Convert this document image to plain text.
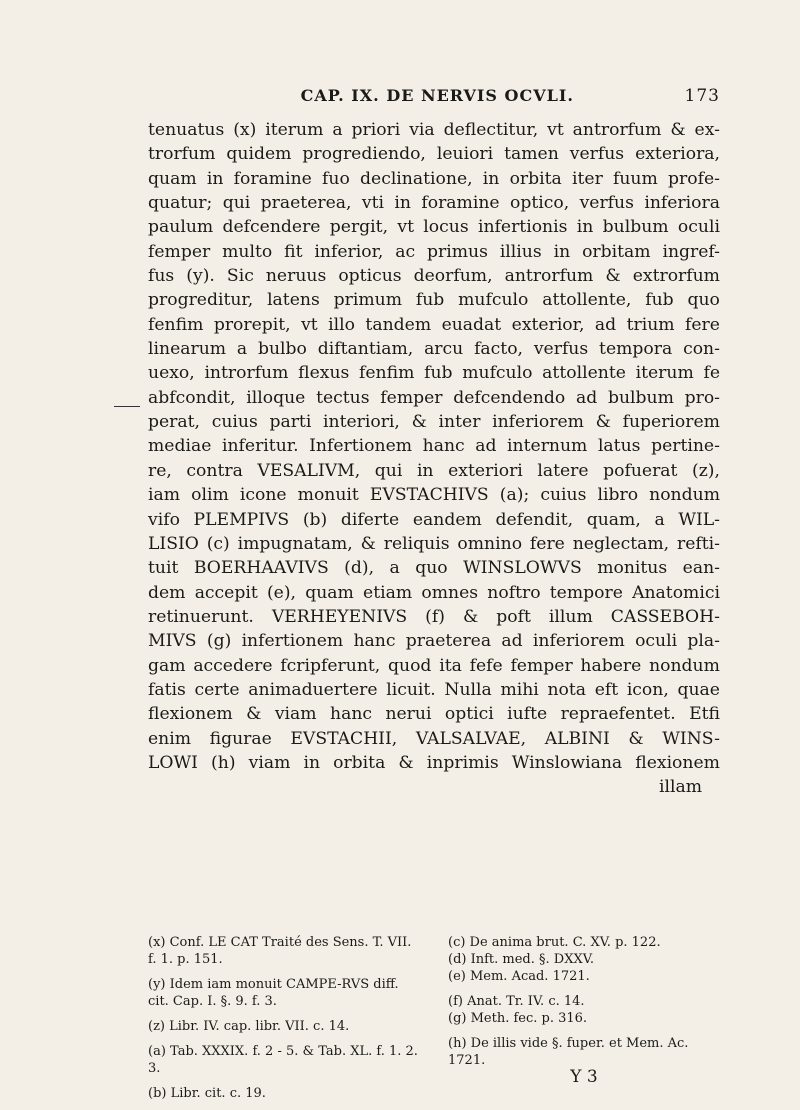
CAP. IX. DE NERVIS OCVLI.	173
tenuatus (x) iterum a priori via deflectitur, vt antrorfum & ex-
trorfum quidem progrediendo, leuiori tamen verfus exteriora,
quam in foramine fuo declinatione, in orbita iter fuum profe-
quatur; qui praeterea, vti in foramine optico, verfus inferiora
paulum defcendere pergit, vt locus infertionis in bulbum oculi
femper multo fit inferior, ac primus illius in orbitam ingref-
fus (y). Sic neruus opticus deorfum, antrorfum & extrorfum
progreditur, latens primum fub mufculo attollente, fub quo
fenfim prorepit, vt illo tandem euadat exterior, ad trium fere
linearum a bulbo diftantiam, arcu facto, verfus tempora con-
uexo, introrfum flexus fenfim fub mufculo attollente iterum fe
abfcondit, illoque tectus femper defcendendo ad bulbum pro-
perat, cuius parti interiori, & inter inferiorem & fuperiorem
mediae inferitur. Infertionem hanc ad internum latus pertine-
re, contra VESALIVM, qui in exteriori latere pofuerat (z),
iam olim icone monuit EVSTACHIVS (a); cuius libro nondum
vifo PLEMPIVS (b) diferte eandem defendit, quam, a WIL-
LISIO (c) impugnatam, & reliquis omnino fere neglectam, refti-
tuit BOERHAAVIVS (d), a quo WINSLOWVS monitus ean-
dem accepit (e), quam etiam omnes noftro tempore Anatomici
retinuerunt. VERHEYENIVS (f) & poft illum CASSEBOH-
MIVS (g) infertionem hanc praeterea ad inferiorem oculi pla-
gam accedere fcripferunt, quod ita fefe femper habere nondum
fatis certe animaduertere licuit. Nulla mihi nota eft icon, quae
flexionem & viam hanc nerui optici iufte repraefentet. Etfi
enim figurae EVSTACHII, VALSALVAE, ALBINI & WINS-
LOWI (h) viam in orbita & inprimis Winslowiana flexionem
illam
(x) Conf. LE CAT Traité des Sens. T. VII. f. 1. p. 151.
(y) Idem iam monuit CAMPE-RVS diff. cit. Cap. I. §. 9. f. 3.
(z) Libr. IV. cap. libr. VII. c. 14.
(a) Tab. XXXIX. f. 2 - 5. & Tab. XL. f. 1. 2. 3.
(b) Libr. cit. c. 19.
(c) De anima brut. C. XV. p. 122.
(d) Inft. med. §. DXXV.
(e) Mem. Acad. 1721.
(f) Anat. Tr. IV. c. 14.
(g) Meth. fec. p. 316.
(h) De illis vide §. fuper. et Mem. Ac. 1721.
Y 3
